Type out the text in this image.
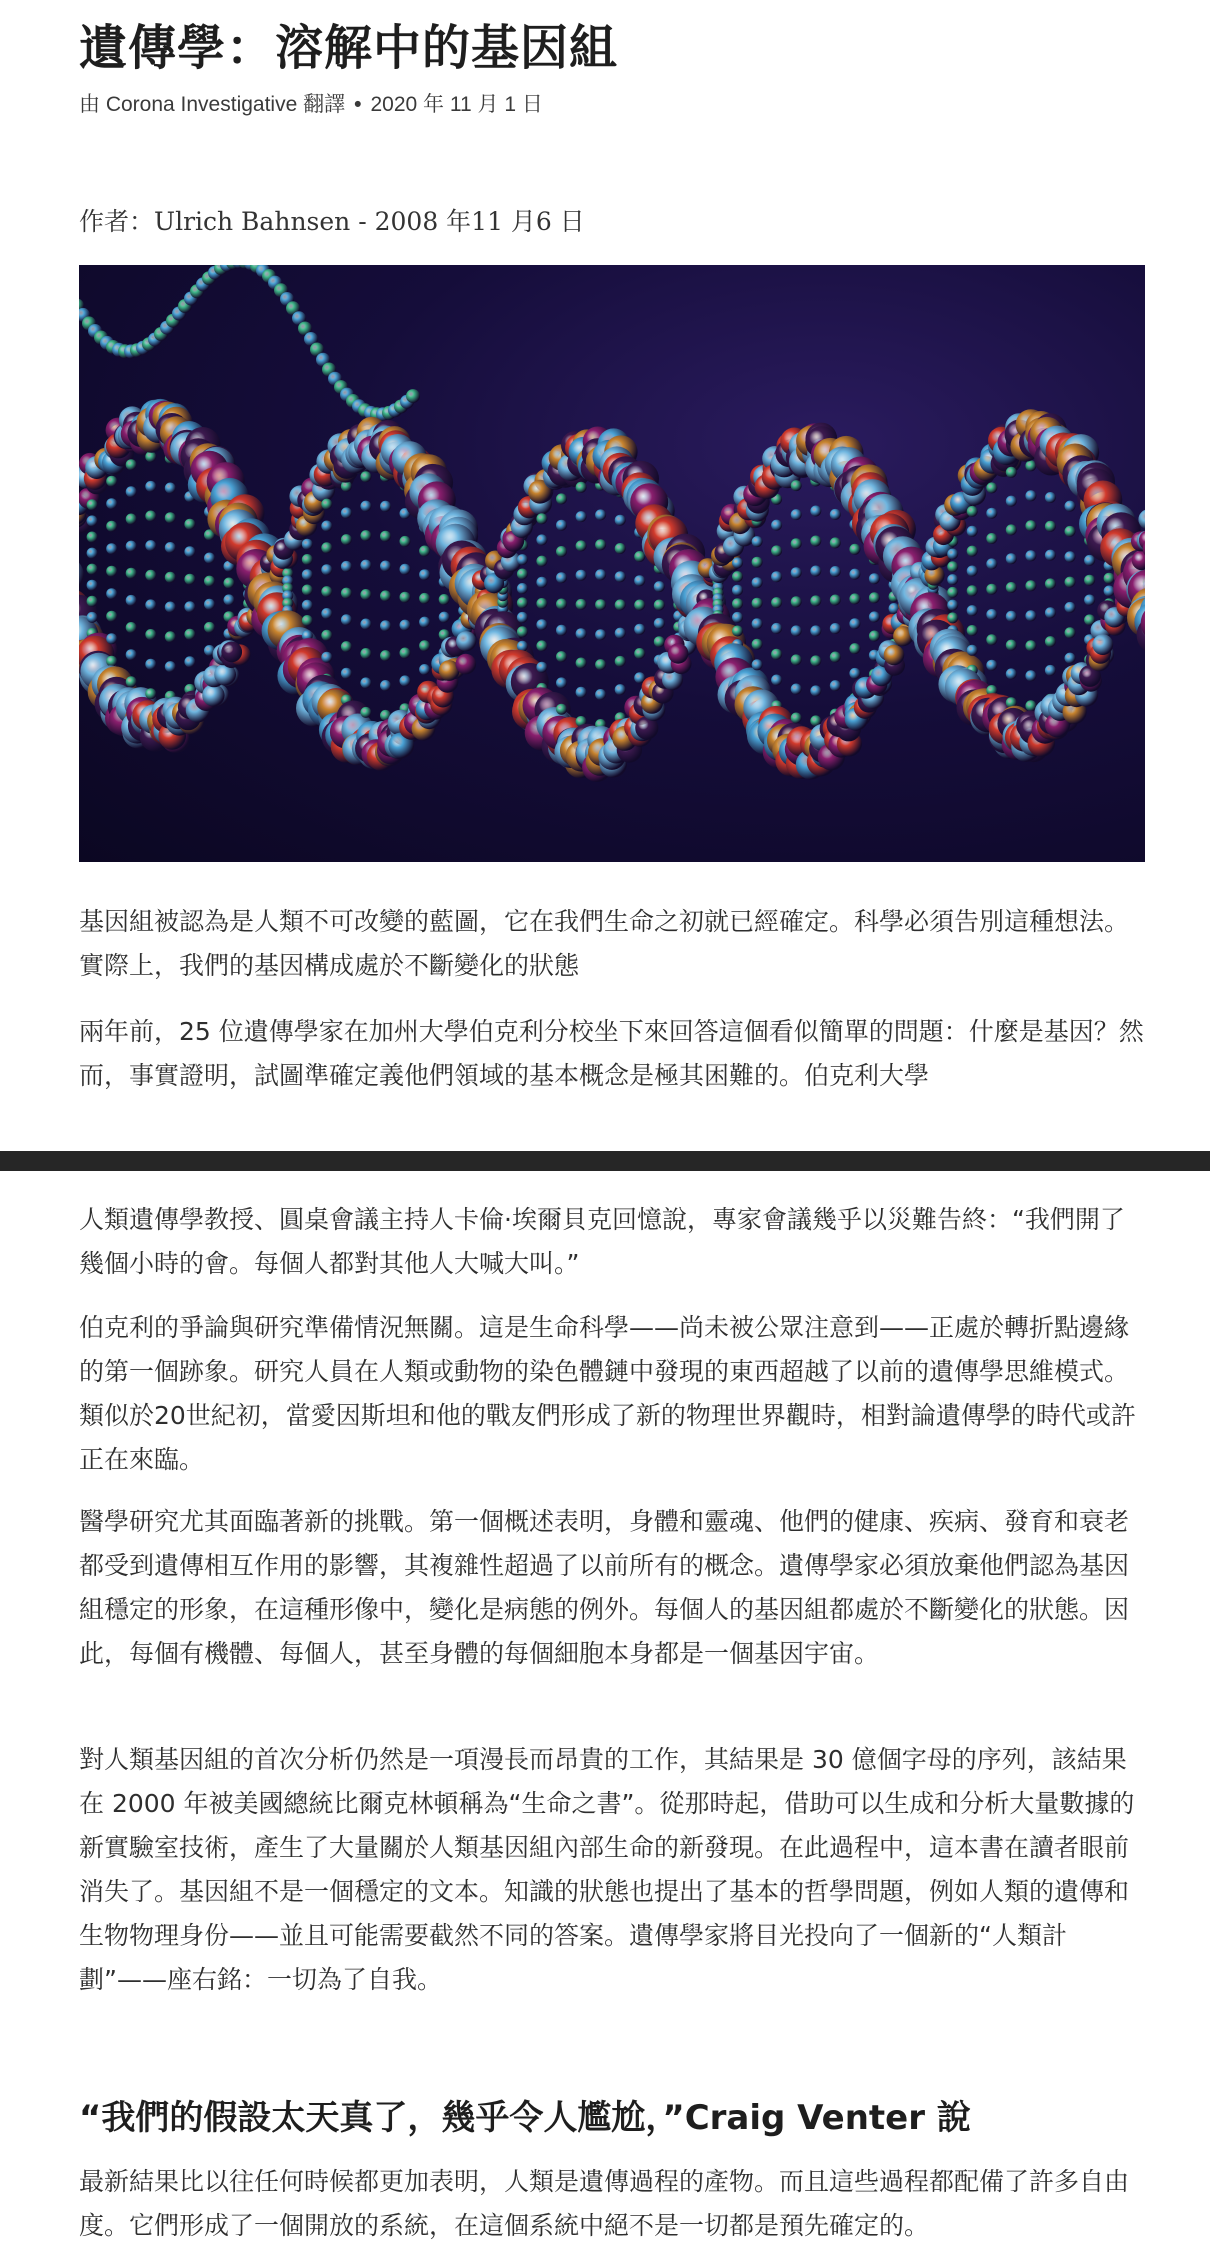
遺傳學：溶解中的基因組
由 Corona Investigative 翻譯 • 2020 年 11 月 1 日
作者：Ulrich Bahnsen - 2008 年11 月6 日

基因組被認為是人類不可改變的藍圖，它在我們生命之初就已經確定。科學必須告別這種想法。實際上，我們的基因構成處於不斷變化的狀態

兩年前，25 位遺傳學家在加州大學伯克利分校坐下來回答這個看似簡單的問題：什麼是基因？然而，事實證明，試圖準確定義他們領域的基本概念是極其困難的。伯克利大學

人類遺傳學教授、圓桌會議主持人卡倫·埃爾貝克回憶說，專家會議幾乎以災難告終：“我們開了幾個小時的會。每個人都對其他人大喊大叫。”

伯克利的爭論與研究準備情況無關。這是生命科學——尚未被公眾注意到——正處於轉折點邊緣的第一個跡象。研究人員在人類或動物的染色體鏈中發現的東西超越了以前的遺傳學思維模式。類似於20世紀初，當愛因斯坦和他的戰友們形成了新的物理世界觀時，相對論遺傳學的時代或許正在來臨。

醫學研究尤其面臨著新的挑戰。第一個概述表明，身體和靈魂、他們的健康、疾病、發育和衰老都受到遺傳相互作用的影響，其複雜性超過了以前所有的概念。遺傳學家必須放棄他們認為基因組穩定的形象，在這種形像中，變化是病態的例外。每個人的基因組都處於不斷變化的狀態。因此，每個有機體、每個人，甚至身體的每個細胞本身都是一個基因宇宙。

對人類基因組的首次分析仍然是一項漫長而昂貴的工作，其結果是 30 億個字母的序列，該結果在 2000 年被美國總統比爾克林頓稱為“生命之書”。從那時起，借助可以生成和分析大量數據的新實驗室技術，產生了大量關於人類基因組內部生命的新發現。在此過程中，這本書在讀者眼前消失了。基因組不是一個穩定的文本。知識的狀態也提出了基本的哲學問題，例如人類的遺傳和生物物理身份——並且可能需要截然不同的答案。遺傳學家將目光投向了一個新的“人類計劃”——座右銘：一切為了自我。

“我們的假設太天真了，幾乎令人尷尬，”Craig Venter 說

最新結果比以往任何時候都更加表明，人類是遺傳過程的產物。而且這些過程都配備了許多自由度。它們形成了一個開放的系統，在這個系統中絕不是一切都是預先確定的。
